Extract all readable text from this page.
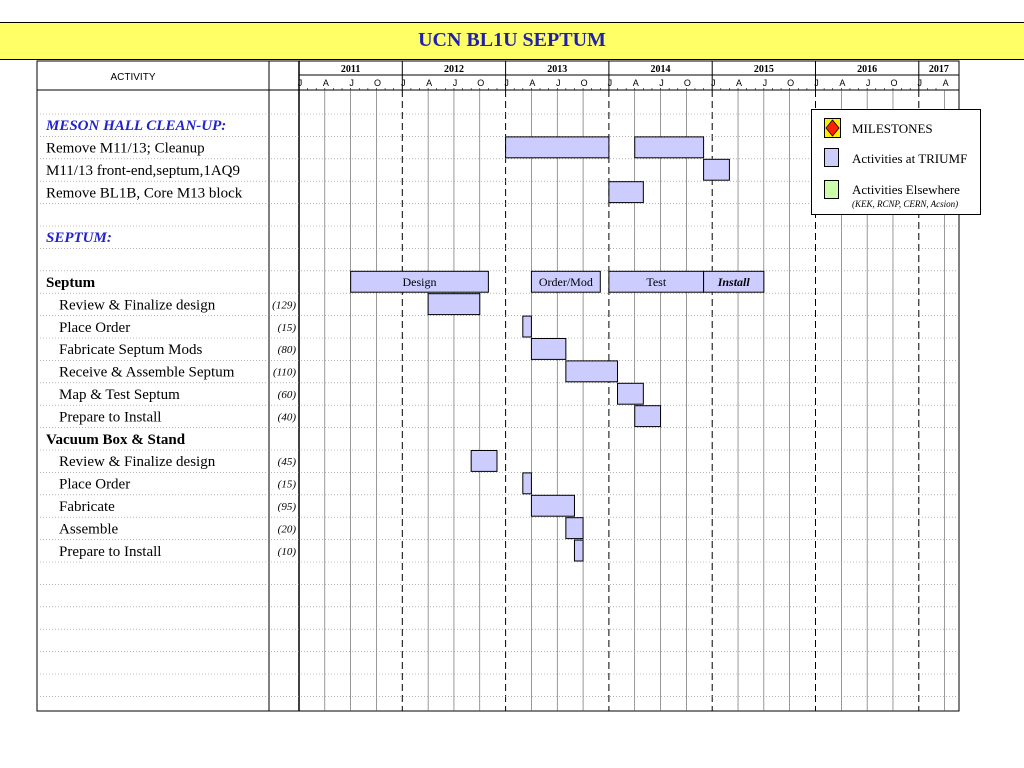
UCN BL1U SEPTUM
ACTIVITY
2011	2012	2013	2014	2015	2016	2017
J A J O J A J O J A J O J A J O J A J O J A J O J A
MESON HALL CLEAN-UP:
Remove M11/13; Cleanup
M11/13 front-end,septum,1AQ9
Remove BL1B, Core M13 block
SEPTUM:
Septum
Review & Finalize design	(129)
Place Order	(15)
Fabricate Septum Mods	(80)
Receive & Assemble Septum	(110)
Map & Test Septum	(60)
Prepare to Install	(40)
Vacuum Box & Stand
Review & Finalize design	(45)
Place Order	(15)
Fabricate	(95)
Assemble	(20)
Prepare to Install	(10)
Design	Order/Mod	Test	Install
MILESTONES
Activities at TRIUMF
Activities Elsewhere
(KEK, RCNP, CERN, Acsion)
